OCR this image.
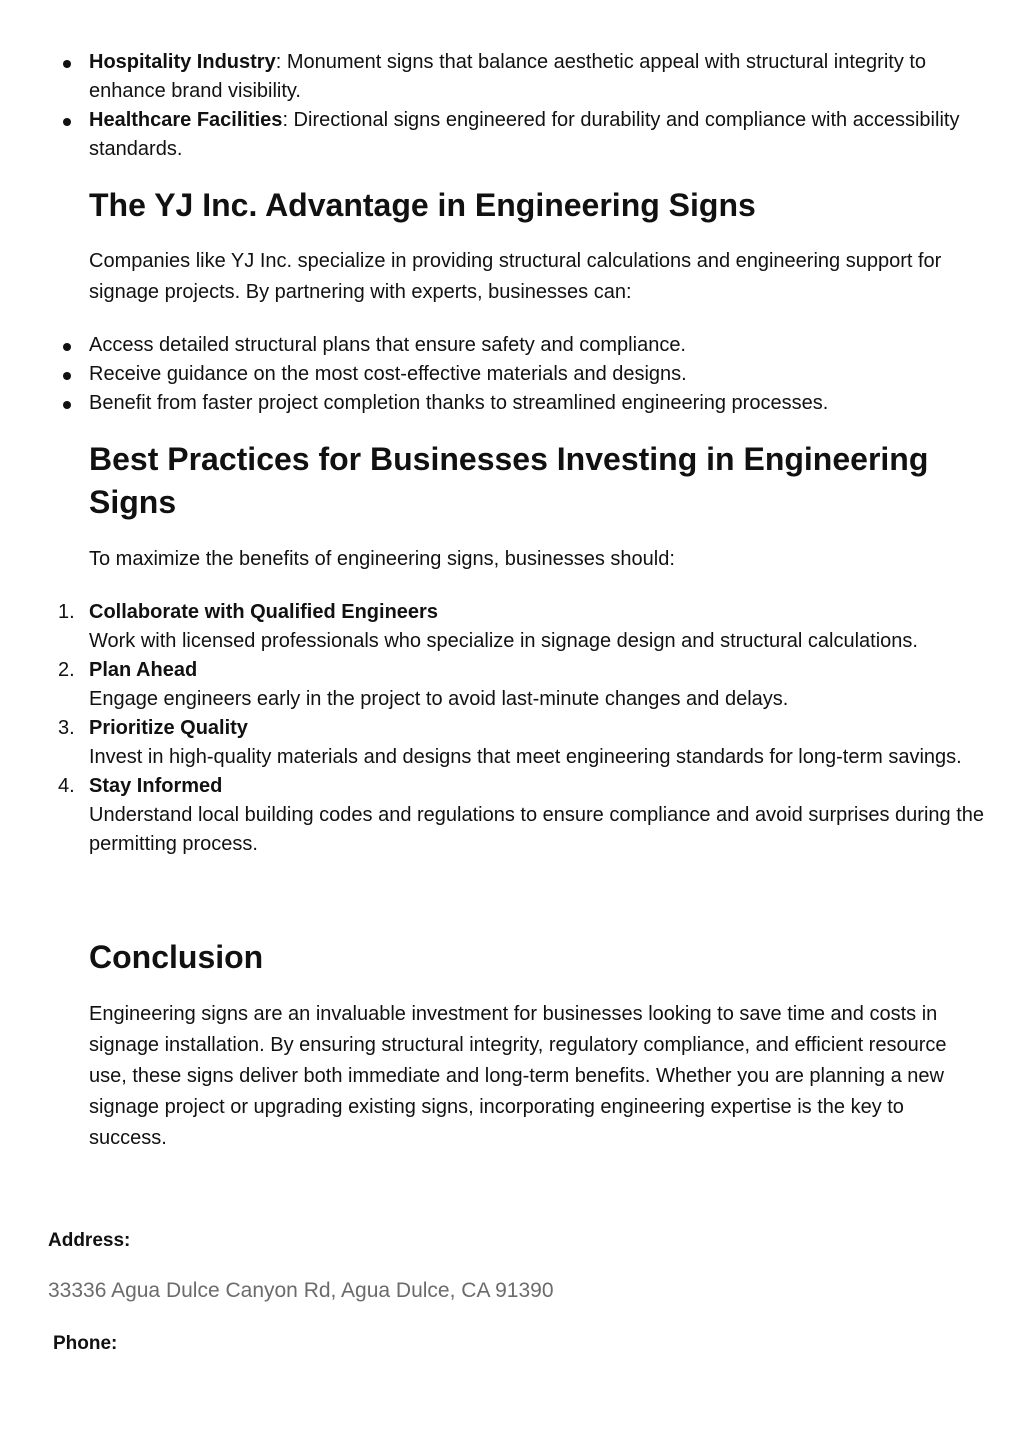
Hospitality Industry: Monument signs that balance aesthetic appeal with structural integrity to enhance brand visibility.
Healthcare Facilities: Directional signs engineered for durability and compliance with accessibility standards.
The YJ Inc. Advantage in Engineering Signs

Companies like YJ Inc. specialize in providing structural calculations and engineering support for signage projects. By partnering with experts, businesses can:

Access detailed structural plans that ensure safety and compliance.
Receive guidance on the most cost-effective materials and designs.
Benefit from faster project completion thanks to streamlined engineering processes.
Best Practices for Businesses Investing in Engineering Signs

To maximize the benefits of engineering signs, businesses should:

1. Collaborate with Qualified Engineers
Work with licensed professionals who specialize in signage design and structural calculations.
2. Plan Ahead
Engage engineers early in the project to avoid last-minute changes and delays.
3. Prioritize Quality
Invest in high-quality materials and designs that meet engineering standards for long-term savings.
4. Stay Informed
Understand local building codes and regulations to ensure compliance and avoid surprises during the permitting process.
Conclusion

Engineering signs are an invaluable investment for businesses looking to save time and costs in signage installation. By ensuring structural integrity, regulatory compliance, and efficient resource use, these signs deliver both immediate and long-term benefits. Whether you are planning a new signage project or upgrading existing signs, incorporating engineering expertise is the key to success.

Address:

33336 Agua Dulce Canyon Rd, Agua Dulce, CA 91390

Phone:
